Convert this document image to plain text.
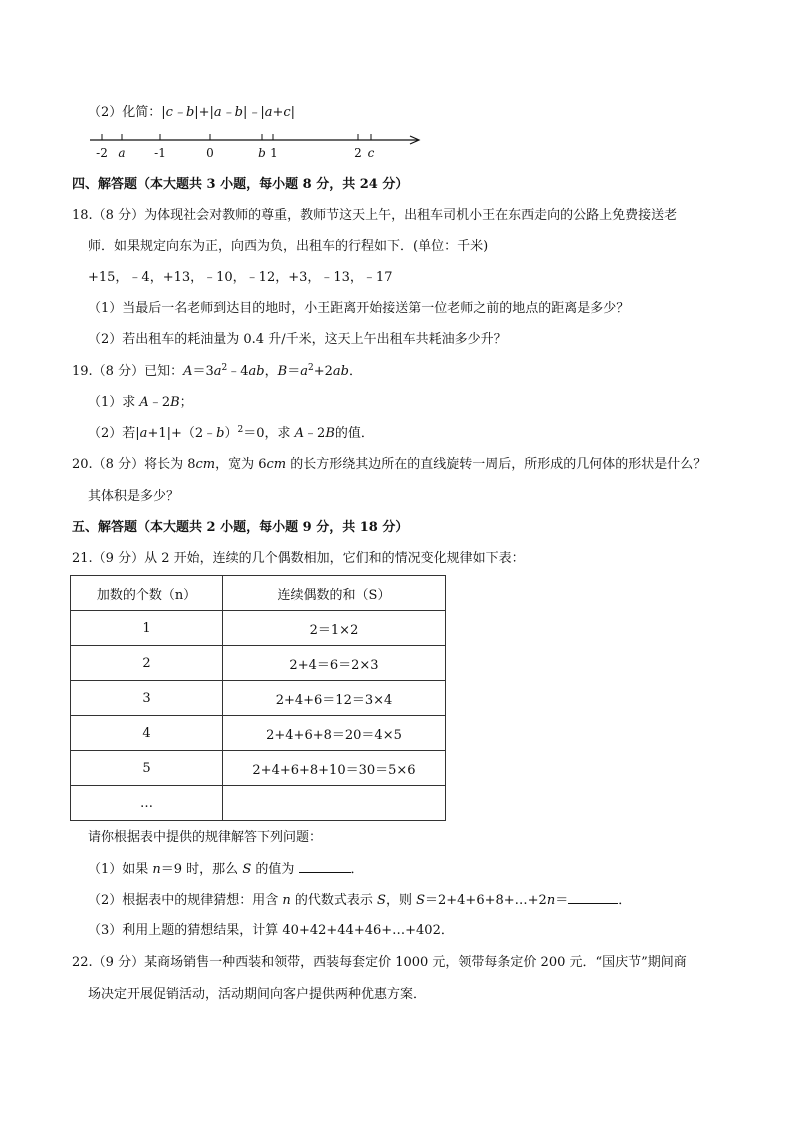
（2）化简：|c﹣b|+|a﹣b|﹣|a+c|
-2 a -1	0	b 1	2 c
四、解答题（本大题共 3 小题，每小题 8 分，共 24 分）
18.（8 分）为体现社会对教师的尊重，教师节这天上午，出租车司机小王在东西走向的公路上免费接送老
师．如果规定向东为正，向西为负，出租车的行程如下．(单位：千米)
+15，﹣4，+13，﹣10，﹣12，+3，﹣13，﹣17
（1）当最后一名老师到达目的地时，小王距离开始接送第一位老师之前的地点的距离是多少？
（2）若出租车的耗油量为 0.4 升/千米，这天上午出租车共耗油多少升？
19.（8 分）已知：$A=3a^2﹣4ab$，$B=a^2+2ab$．
（1）求 A﹣2B；
（2）若|a+1|+（2﹣b）$^2$＝0，求 A﹣2B的值．
20.（8 分）将长为 8cm，宽为 6cm 的长方形绕其边所在的直线旋转一周后，所形成的几何体的形状是什么？
其体积是多少？
五、解答题（本大题共 2 小题，每小题 9 分，共 18 分）
21.（9 分）从 2 开始，连续的几个偶数相加，它们和的情况变化规律如下表：
加数的个数（n）	连续偶数的和（S）
1	2＝1×2
2	2+4＝6＝2×3
3	2+4+6＝12＝3×4
4	2+4+6+8＝20＝4×5
5	2+4+6+8+10＝30＝5×6
…	
请你根据表中提供的规律解答下列问题：
（1）如果 n＝9 时，那么 S 的值为	．
（2）根据表中的规律猜想：用含 n 的代数式表示 S，则 S＝2+4+6+8+…+2n＝	．
（3）利用上题的猜想结果，计算 40+42+44+46+…+402．
22.（9 分）某商场销售一种西装和领带，西装每套定价 1000 元，领带每条定价 200 元．“国庆节”期间商
场决定开展促销活动，活动期间向客户提供两种优惠方案．
